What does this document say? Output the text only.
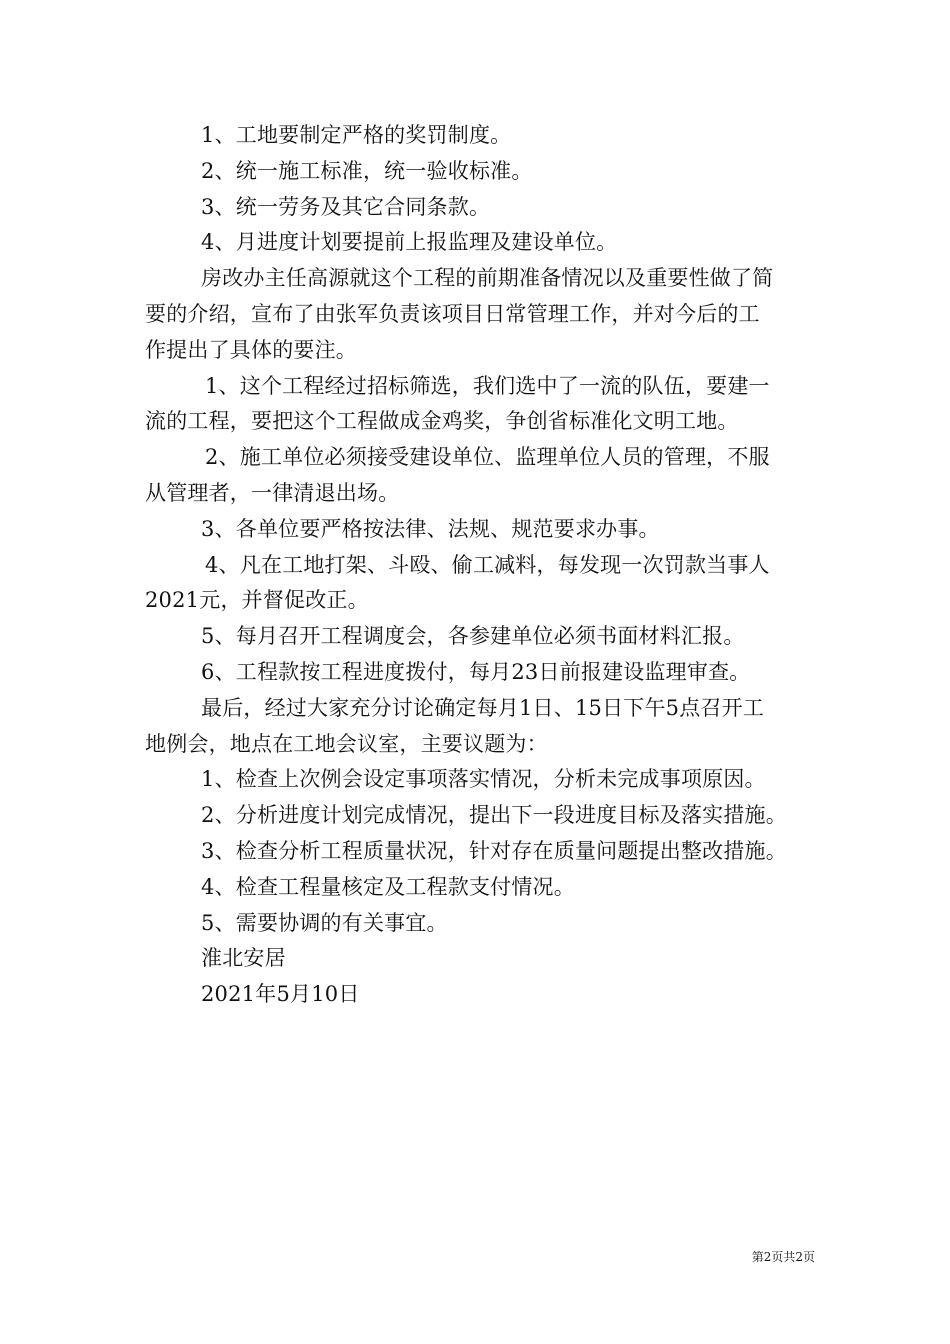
1、工地要制定严格的奖罚制度。
2、统一施工标准，统一验收标准。
3、统一劳务及其它合同条款。
4、月进度计划要提前上报监理及建设单位。
房改办主任高源就这个工程的前期准备情况以及重要性做了简
要的介绍，宣布了由张军负责该项目日常管理工作，并对今后的工
作提出了具体的要注。
1、这个工程经过招标筛选，我们选中了一流的队伍，要建一
流的工程，要把这个工程做成金鸡奖，争创省标准化文明工地。
2、施工单位必须接受建设单位、监理单位人员的管理，不服
从管理者，一律清退出场。
3、各单位要严格按法律、法规、规范要求办事。
4、凡在工地打架、斗殴、偷工减料，每发现一次罚款当事人
2021元，并督促改正。
5、每月召开工程调度会，各参建单位必须书面材料汇报。
6、工程款按工程进度拨付，每月23日前报建设监理审查。
最后，经过大家充分讨论确定每月1日、15日下午5点召开工
地例会，地点在工地会议室，主要议题为：
1、检查上次例会设定事项落实情况，分析未完成事项原因。
2、分析进度计划完成情况，提出下一段进度目标及落实措施。
3、检查分析工程质量状况，针对存在质量问题提出整改措施。
4、检查工程量核定及工程款支付情况。
5、需要协调的有关事宜。
淮北安居
2021年5月10日
第2页共2页
